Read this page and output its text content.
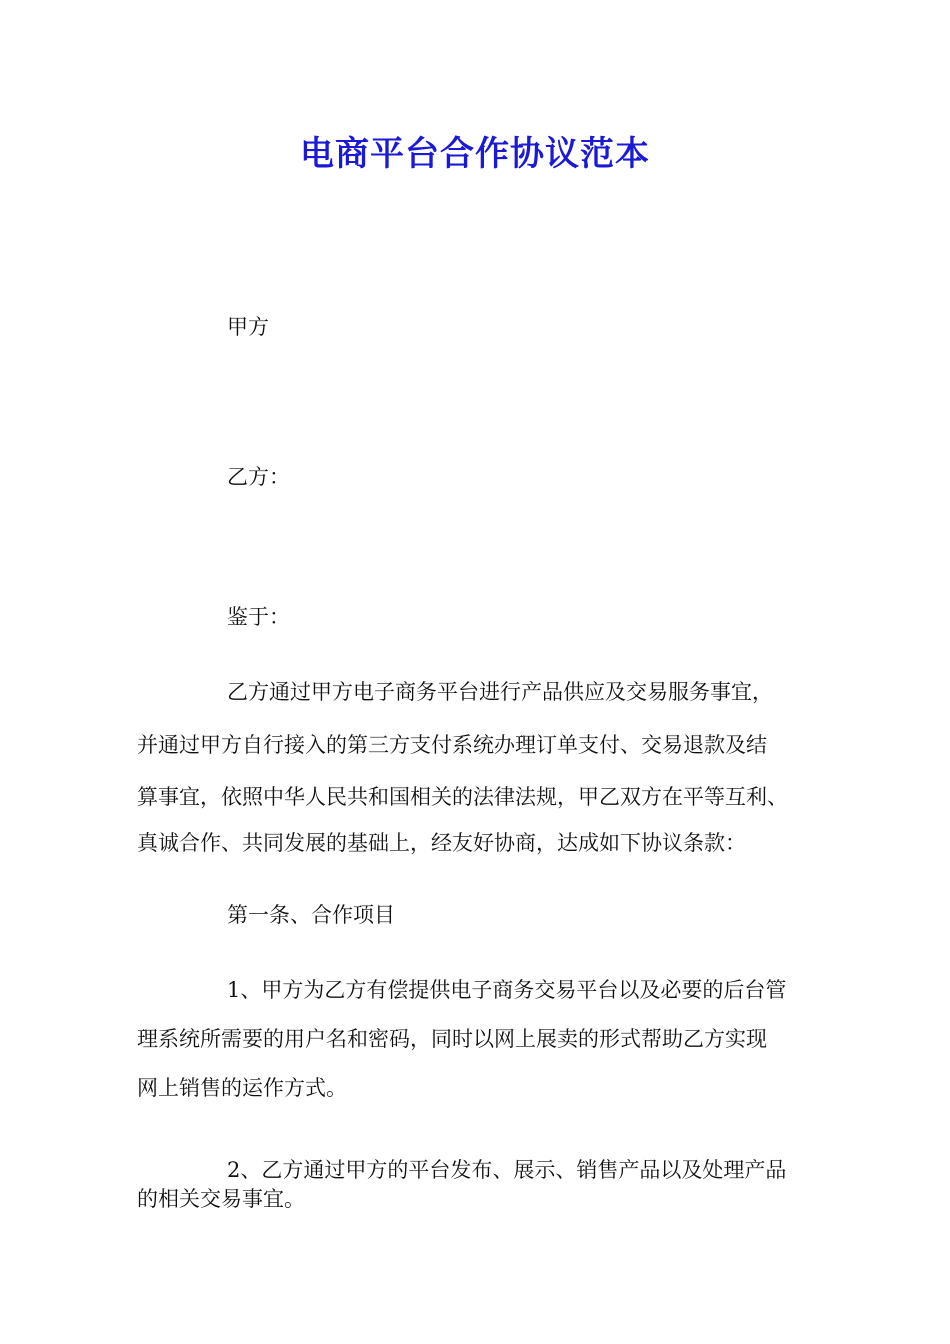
电商平台合作协议范本
甲方
乙方：
鉴于：
乙方通过甲方电子商务平台进行产品供应及交易服务事宜，
并通过甲方自行接入的第三方支付系统办理订单支付、交易退款及结
算事宜，依照中华人民共和国相关的法律法规，甲乙双方在平等互利、
真诚合作、共同发展的基础上，经友好协商，达成如下协议条款：
第一条、合作项目
1、甲方为乙方有偿提供电子商务交易平台以及必要的后台管
理系统所需要的用户名和密码，同时以网上展卖的形式帮助乙方实现
网上销售的运作方式。
2、乙方通过甲方的平台发布、展示、销售产品以及处理产品
的相关交易事宜。
